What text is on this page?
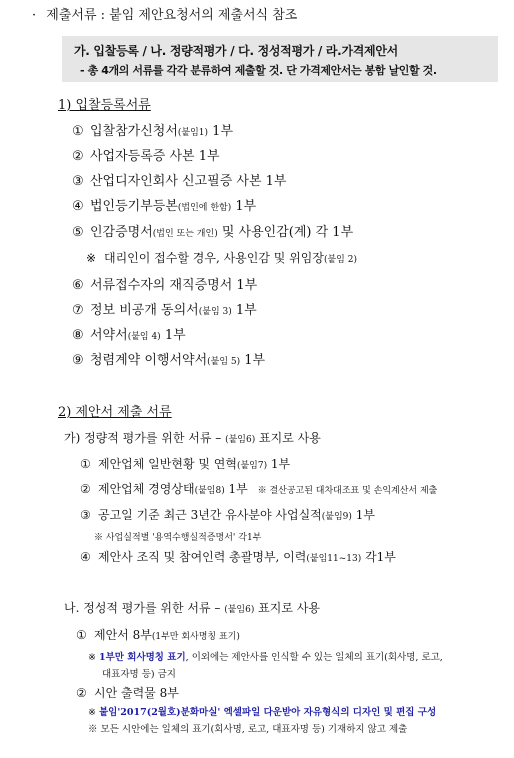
· 제출서류 : 붙임 제안요청서의 제출서식 참조
가. 입찰등록 / 나. 정량적평가 / 다. 정성적평가 / 라.가격제안서
- 총 4개의 서류를 각각 분류하여 제출할 것. 단 가격제안서는 봉함 날인할 것.
1) 입찰등록서류
① 입찰참가신청서(붙임1) 1부
② 사업자등록증 사본 1부
③ 산업디자인회사 신고필증 사본 1부
④ 법인등기부등본(법인에 한함) 1부
⑤ 인감증명서(법인 또는 개인) 및 사용인감(계) 각 1부
※ 대리인이 접수할 경우, 사용인감 및 위임장(붙임 2)
⑥ 서류접수자의 재직증명서 1부
⑦ 정보 비공개 동의서(붙임 3) 1부
⑧ 서약서(붙임 4) 1부
⑨ 청렴계약 이행서약서(붙임 5) 1부
2) 제안서 제출 서류
가) 정량적 평가를 위한 서류 – (붙임6) 표지로 사용
① 제안업체 일반현황 및 연혁(붙임7) 1부
② 제안업체 경영상태(붙임8) 1부 ※ 결산공고된 대차대조표 및 손익계산서 제출
③ 공고일 기준 최근 3년간 유사분야 사업실적(붙임9) 1부
※ 사업실적별 '용역수행실적증명서' 각1부
④ 제안사 조직 및 참여인력 총괄명부, 이력(붙임11~13) 각1부
나. 정성적 평가를 위한 서류 – (붙임6) 표지로 사용
① 제안서 8부(1부만 회사명칭 표기)
※ 1부만 회사명칭 표기, 이외에는 제안사를 인식할 수 있는 일체의 표기(회사명, 로고,
대표자명 등) 금지
② 시안 출력물 8부
※ 붙임'2017(2월호)분화마실' 엑셀파일 다운받아 자유형식의 디자인 및 편집 구성
※ 모든 시안에는 일체의 표기(회사명, 로고, 대표자명 등) 기재하지 않고 제출
